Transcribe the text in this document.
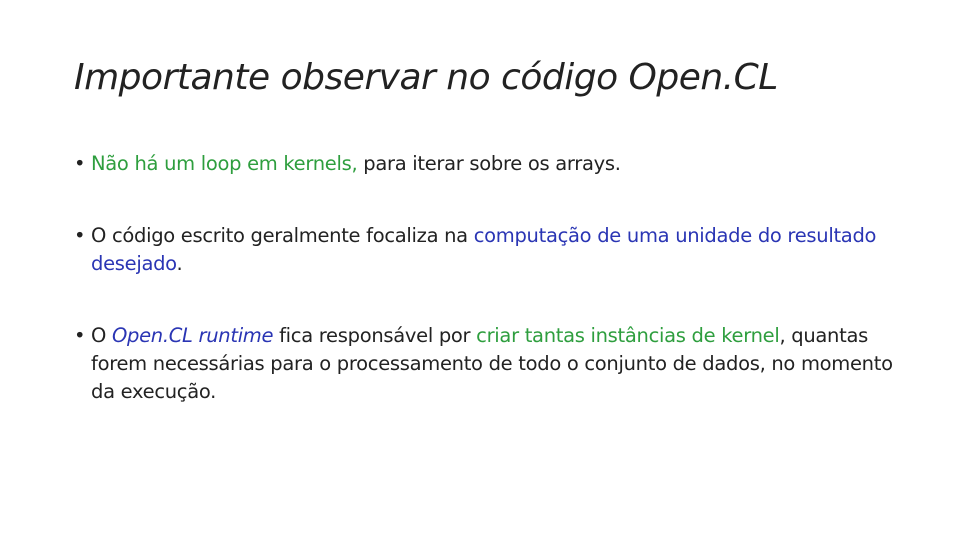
Importante observar no código Open.CL
• Não há um loop em kernels, para iterar sobre os arrays.
• O código escrito geralmente focaliza na computação de uma unidade do resultado desejado.
• O Open.CL runtime fica responsável por criar tantas instâncias de kernel, quantas forem necessárias para o processamento de todo o conjunto de dados, no momento da execução.
